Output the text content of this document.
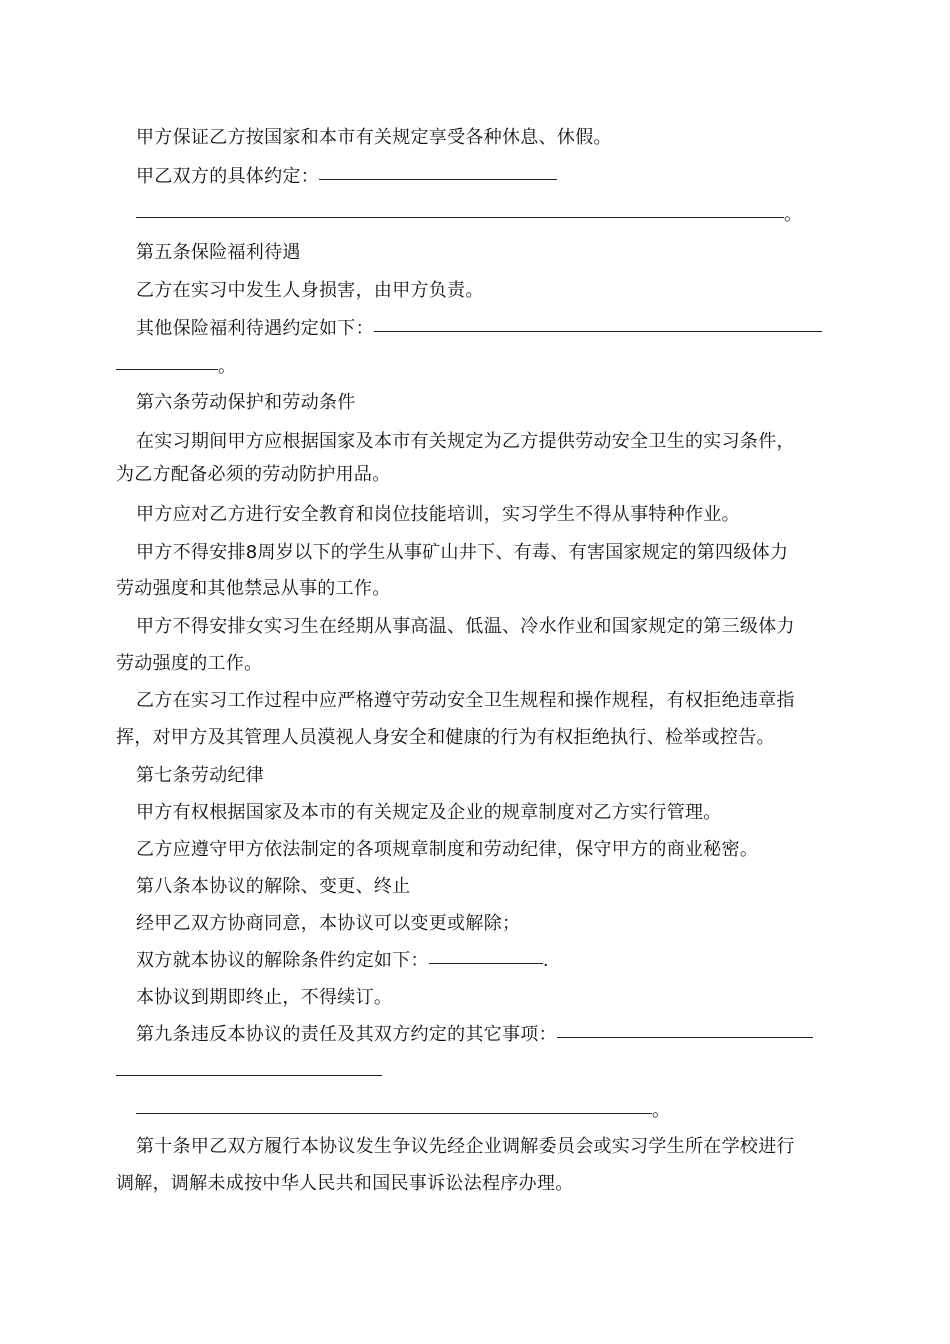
甲方保证乙方按国家和本市有关规定享受各种休息、休假。
甲乙双方的具体约定：
。
第五条保险福利待遇
乙方在实习中发生人身损害，由甲方负责。
其他保险福利待遇约定如下：
。
第六条劳动保护和劳动条件
在实习期间甲方应根据国家及本市有关规定为乙方提供劳动安全卫生的实习条件，
为乙方配备必须的劳动防护用品。
甲方应对乙方进行安全教育和岗位技能培训，实习学生不得从事特种作业。
甲方不得安排8周岁以下的学生从事矿山井下、有毒、有害国家规定的第四级体力
劳动强度和其他禁忌从事的工作。
甲方不得安排女实习生在经期从事高温、低温、冷水作业和国家规定的第三级体力
劳动强度的工作。
乙方在实习工作过程中应严格遵守劳动安全卫生规程和操作规程，有权拒绝违章指
挥，对甲方及其管理人员漠视人身安全和健康的行为有权拒绝执行、检举或控告。
第七条劳动纪律
甲方有权根据国家及本市的有关规定及企业的规章制度对乙方实行管理。
乙方应遵守甲方依法制定的各项规章制度和劳动纪律，保守甲方的商业秘密。
第八条本协议的解除、变更、终止
经甲乙双方协商同意，本协议可以变更或解除；
双方就本协议的解除条件约定如下：	.
本协议到期即终止，不得续订。
第九条违反本协议的责任及其双方约定的其它事项：
。
第十条甲乙双方履行本协议发生争议先经企业调解委员会或实习学生所在学校进行
调解，调解未成按中华人民共和国民事诉讼法程序办理。
